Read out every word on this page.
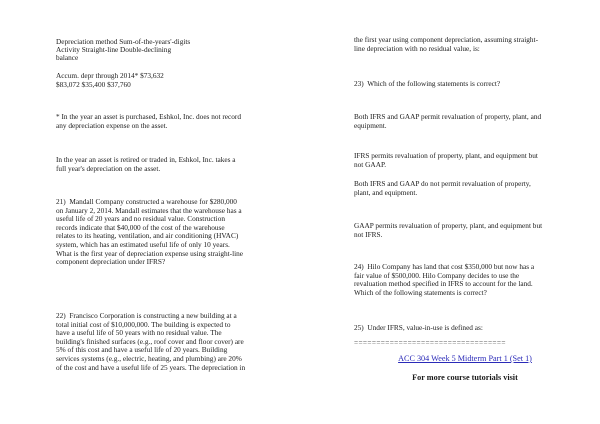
Depreciation method Sum-of-the-years'-digits
Activity Straight-line Double-declining
balance
Accum. depr through 2014* $73,632
$83,072 $35,400 $37,760

* In the year an asset is purchased, Eshkol, Inc. does not record
any depreciation expense on the asset.

In the year an asset is retired or traded in, Eshkol, Inc. takes a
full year's depreciation on the asset.

21)  Mandall Company constructed a warehouse for $280,000
on January 2, 2014. Mandall estimates that the warehouse has a
useful life of 20 years and no residual value. Construction
records indicate that $40,000 of the cost of the warehouse
relates to its heating, ventilation, and air conditioning (HVAC)
system, which has an estimated useful life of only 10 years.
What is the first year of depreciation expense using straight-line
component depreciation under IFRS?

22)  Francisco Corporation is constructing a new building at a
total initial cost of $10,000,000. The building is expected to
have a useful life of 50 years with no residual value. The
building's finished surfaces (e.g., roof cover and floor cover) are
5% of this cost and have a useful life of 20 years. Building
services systems (e.g., electric, heating, and plumbing) are 20%
of the cost and have a useful life of 25 years. The depreciation in

the first year using component depreciation, assuming straight-
line depreciation with no residual value, is:

23)  Which of the following statements is correct?

Both IFRS and GAAP permit revaluation of property, plant, and
equipment.

IFRS permits revaluation of property, plant, and equipment but
not GAAP.

Both IFRS and GAAP do not permit revaluation of property,
plant, and equipment.

GAAP permits revaluation of property, plant, and equipment but
not IFRS.

24)  Hilo Company has land that cost $350,000 but now has a
fair value of $500,000. Hilo Company decides to use the
revaluation method specified in IFRS to account for the land.
Which of the following statements is correct?

25)  Under IFRS, value-in-use is defined as:

==================================
ACC 304 Week 5 Midterm Part 1 (Set 1)
For more course tutorials visit
